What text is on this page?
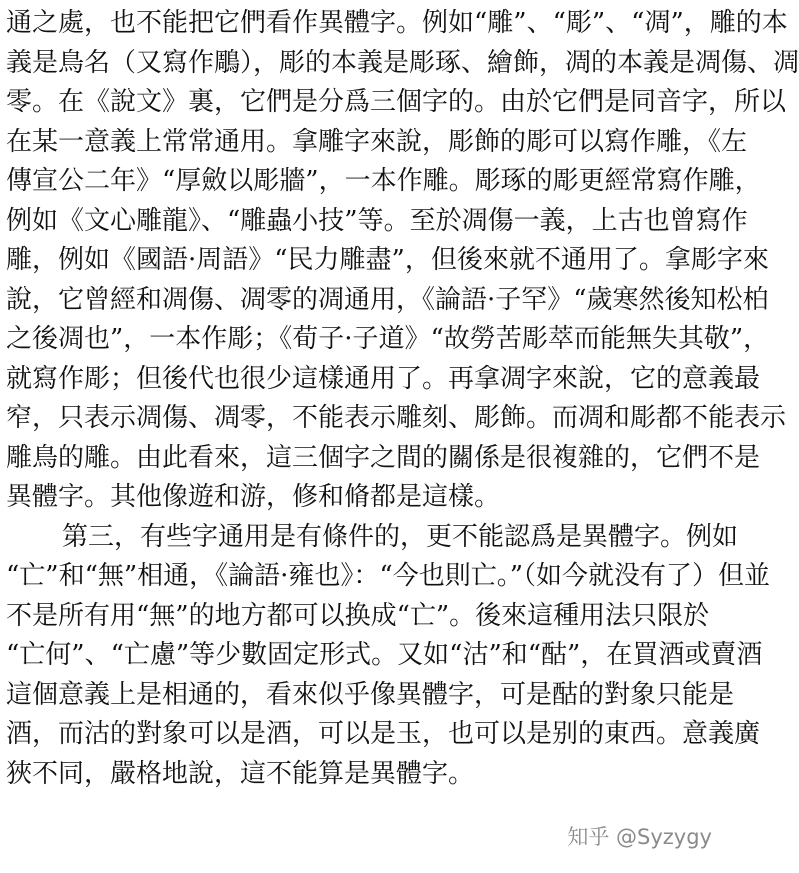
通之處，也不能把它們看作異體字。例如“雕”、“彫”、“凋”，雕的本
義是鳥名（又寫作鵰），彫的本義是彫琢、繪飾，凋的本義是凋傷、凋
零。在《說文》裏，它們是分爲三個字的。由於它們是同音字，所以
在某一意義上常常通用。拿雕字來說，彫飾的彫可以寫作雕，《左
傳宣公二年》“厚斂以彫牆”，一本作雕。彫琢的彫更經常寫作雕，
例如《文心雕龍》、“雕蟲小技”等。至於凋傷一義，上古也曾寫作
雕，例如《國語·周語》“民力雕盡”，但後來就不通用了。拿彫字來
說，它曾經和凋傷、凋零的凋通用，《論語·子罕》“歲寒然後知松柏
之後凋也”，一本作彫；《荀子·子道》“故勞苦彫萃而能無失其敬”，
就寫作彫；但後代也很少這樣通用了。再拿凋字來說，它的意義最
窄，只表示凋傷、凋零，不能表示雕刻、彫飾。而凋和彫都不能表示
雕鳥的雕。由此看來，這三個字之間的關係是很複雜的，它們不是
異體字。其他像遊和游，修和脩都是這樣。
第三，有些字通用是有條件的，更不能認爲是異體字。例如
“亡”和“無”相通，《論語·雍也》：“今也則亡。”（如今就没有了）但並
不是所有用“無”的地方都可以换成“亡”。後來這種用法只限於
“亡何”、“亡慮”等少數固定形式。又如“沽”和“酤”，在買酒或賣酒
這個意義上是相通的，看來似乎像異體字，可是酤的對象只能是
酒，而沽的對象可以是酒，可以是玉，也可以是别的東西。意義廣
狹不同，嚴格地說，這不能算是異體字。
知乎 @Syzygy
